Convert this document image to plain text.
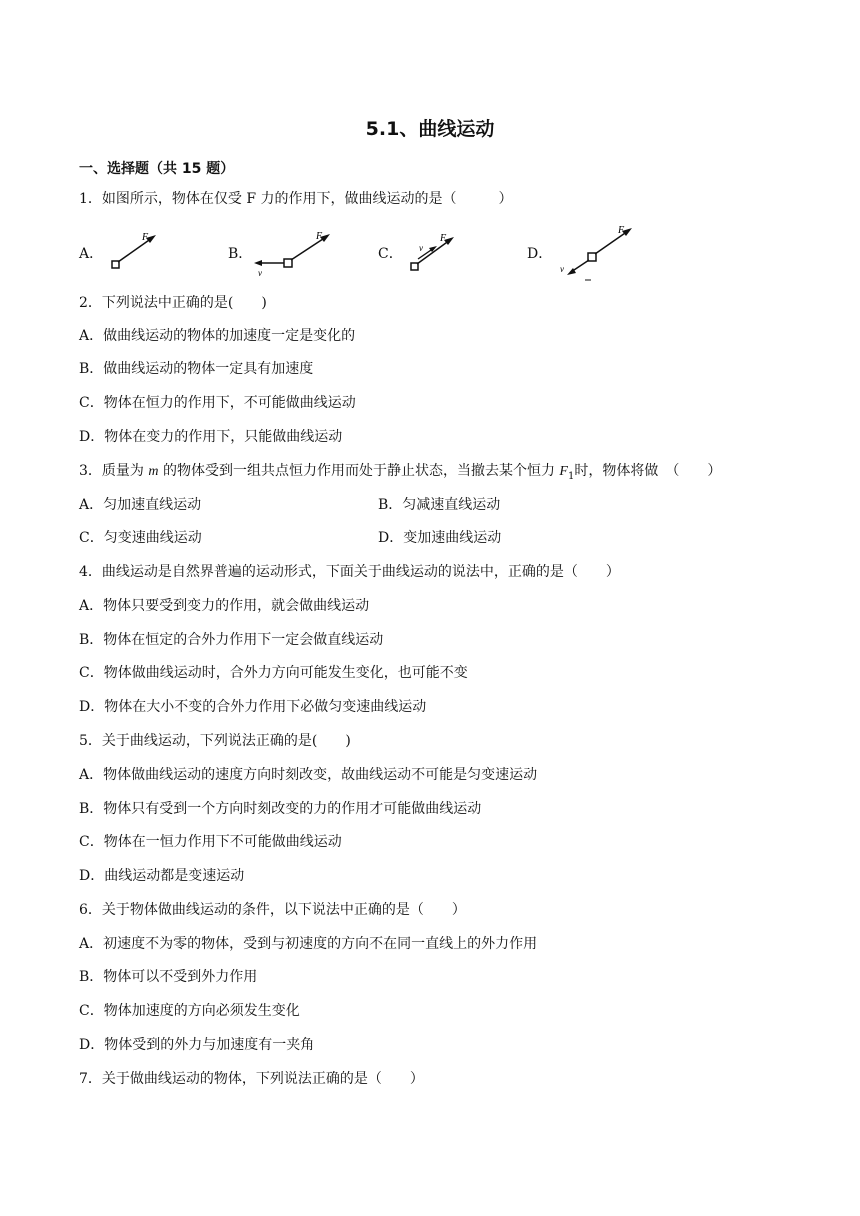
5.1、曲线运动
一、选择题（共 15 题）
1．如图所示，物体在仅受 F 力的作用下，做曲线运动的是（　　　）
A．
F
B．
F
v
C．
F
v	D．
F
v
2．下列说法中正确的是(　　)
A．做曲线运动的物体的加速度一定是变化的
B．做曲线运动的物体一定具有加速度
C．物体在恒力的作用下，不可能做曲线运动
D．物体在变力的作用下，只能做曲线运动
3．质量为 m 的物体受到一组共点恒力作用而处于静止状态，当撤去某个恒力 $F_1$时，物体将做　（　　）
A．匀加速直线运动	B．匀减速直线运动
C．匀变速曲线运动	D．变加速曲线运动
4．曲线运动是自然界普遍的运动形式，下面关于曲线运动的说法中，正确的是（　　）
A．物体只要受到变力的作用，就会做曲线运动
B．物体在恒定的合外力作用下一定会做直线运动
C．物体做曲线运动时，合外力方向可能发生变化，也可能不变
D．物体在大小不变的合外力作用下必做匀变速曲线运动
5．关于曲线运动，下列说法正确的是(　　)
A．物体做曲线运动的速度方向时刻改变，故曲线运动不可能是匀变速运动
B．物体只有受到一个方向时刻改变的力的作用才可能做曲线运动
C．物体在一恒力作用下不可能做曲线运动
D．曲线运动都是变速运动
6．关于物体做曲线运动的条件，以下说法中正确的是（　　）
A．初速度不为零的物体，受到与初速度的方向不在同一直线上的外力作用
B．物体可以不受到外力作用
C．物体加速度的方向必须发生变化
D．物体受到的外力与加速度有一夹角
7．关于做曲线运动的物体，下列说法正确的是（　　）
